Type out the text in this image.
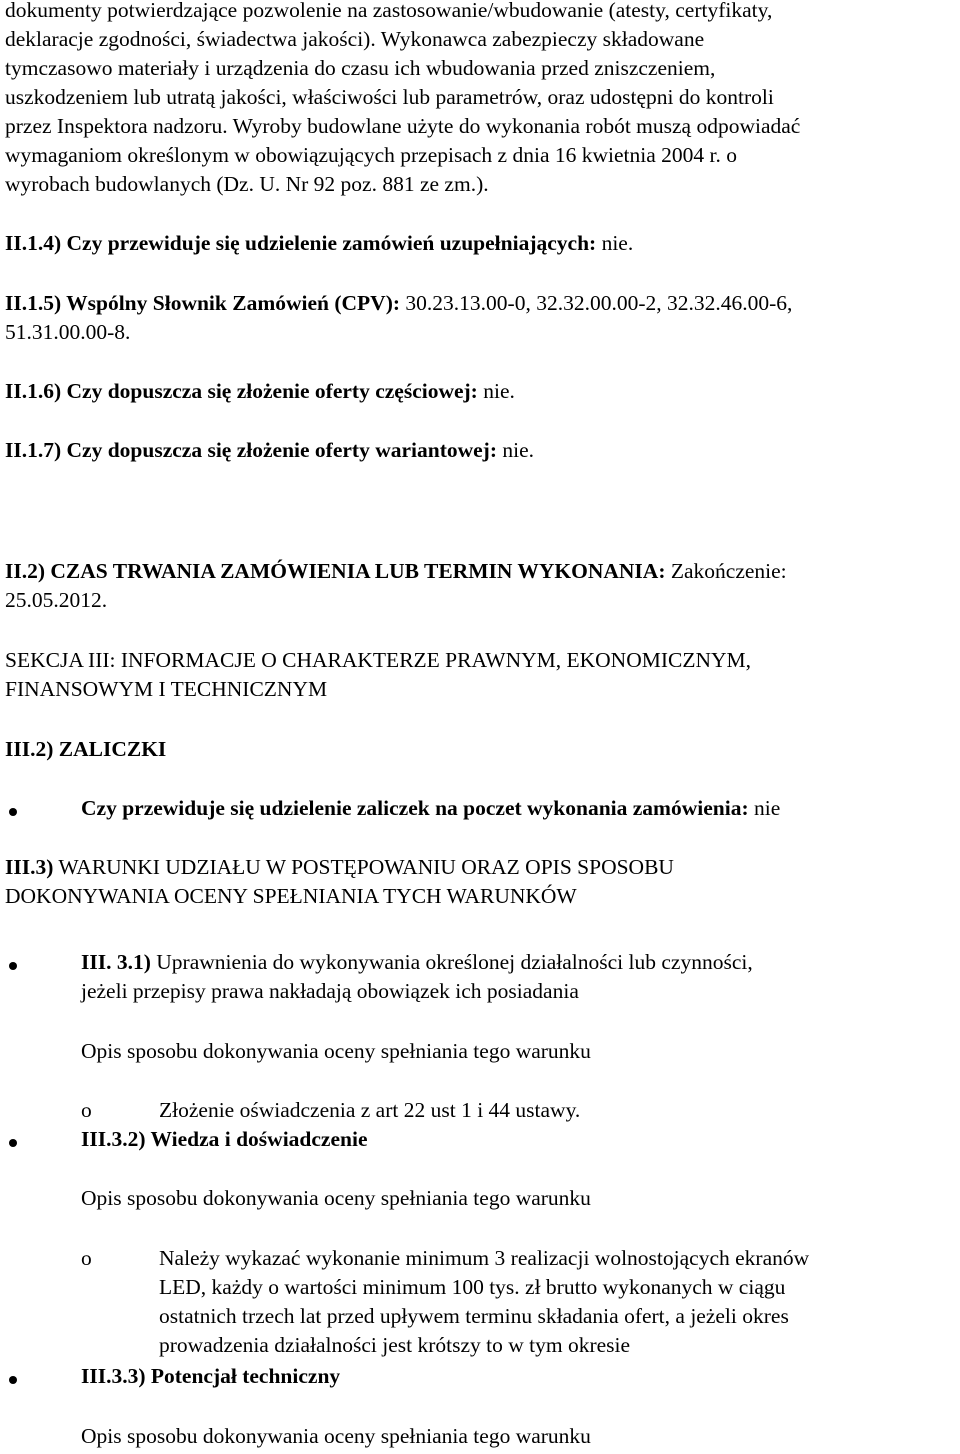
dokumenty potwierdzające pozwolenie na zastosowanie/wbudowanie (atesty, certyfikaty,
deklaracje zgodności, świadectwa jakości). Wykonawca zabezpieczy składowane
tymczasowo materiały i urządzenia do czasu ich wbudowania przed zniszczeniem,
uszkodzeniem lub utratą jakości, właściwości lub parametrów, oraz udostępni do kontroli
przez Inspektora nadzoru. Wyroby budowlane użyte do wykonania robót muszą odpowiadać
wymaganiom określonym w obowiązujących przepisach z dnia 16 kwietnia 2004 r. o
wyrobach budowlanych (Dz. U. Nr 92 poz. 881 ze zm.).
II.1.4) Czy przewiduje się udzielenie zamówień uzupełniających: nie.
II.1.5) Wspólny Słownik Zamówień (CPV): 30.23.13.00-0, 32.32.00.00-2, 32.32.46.00-6,
51.31.00.00-8.
II.1.6) Czy dopuszcza się złożenie oferty częściowej: nie.
II.1.7) Czy dopuszcza się złożenie oferty wariantowej: nie.
II.2) CZAS TRWANIA ZAMÓWIENIA LUB TERMIN WYKONANIA: Zakończenie:
25.05.2012.
SEKCJA III: INFORMACJE O CHARAKTERZE PRAWNYM, EKONOMICZNYM,
FINANSOWYM I TECHNICZNYM
III.2) ZALICZKI
Czy przewiduje się udzielenie zaliczek na poczet wykonania zamówienia: nie
III.3) WARUNKI UDZIAŁU W POSTĘPOWANIU ORAZ OPIS SPOSOBU
DOKONYWANIA OCENY SPEŁNIANIA TYCH WARUNKÓW
III. 3.1) Uprawnienia do wykonywania określonej działalności lub czynności,
jeżeli przepisy prawa nakładają obowiązek ich posiadania
Opis sposobu dokonywania oceny spełniania tego warunku
o	Złożenie oświadczenia z art 22 ust 1 i 44 ustawy.
III.3.2) Wiedza i doświadczenie
Opis sposobu dokonywania oceny spełniania tego warunku
o	Należy wykazać wykonanie minimum 3 realizacji wolnostojących ekranów
LED, każdy o wartości minimum 100 tys. zł brutto wykonanych w ciągu
ostatnich trzech lat przed upływem terminu składania ofert, a jeżeli okres
prowadzenia działalności jest krótszy to w tym okresie
III.3.3) Potencjał techniczny
Opis sposobu dokonywania oceny spełniania tego warunku
